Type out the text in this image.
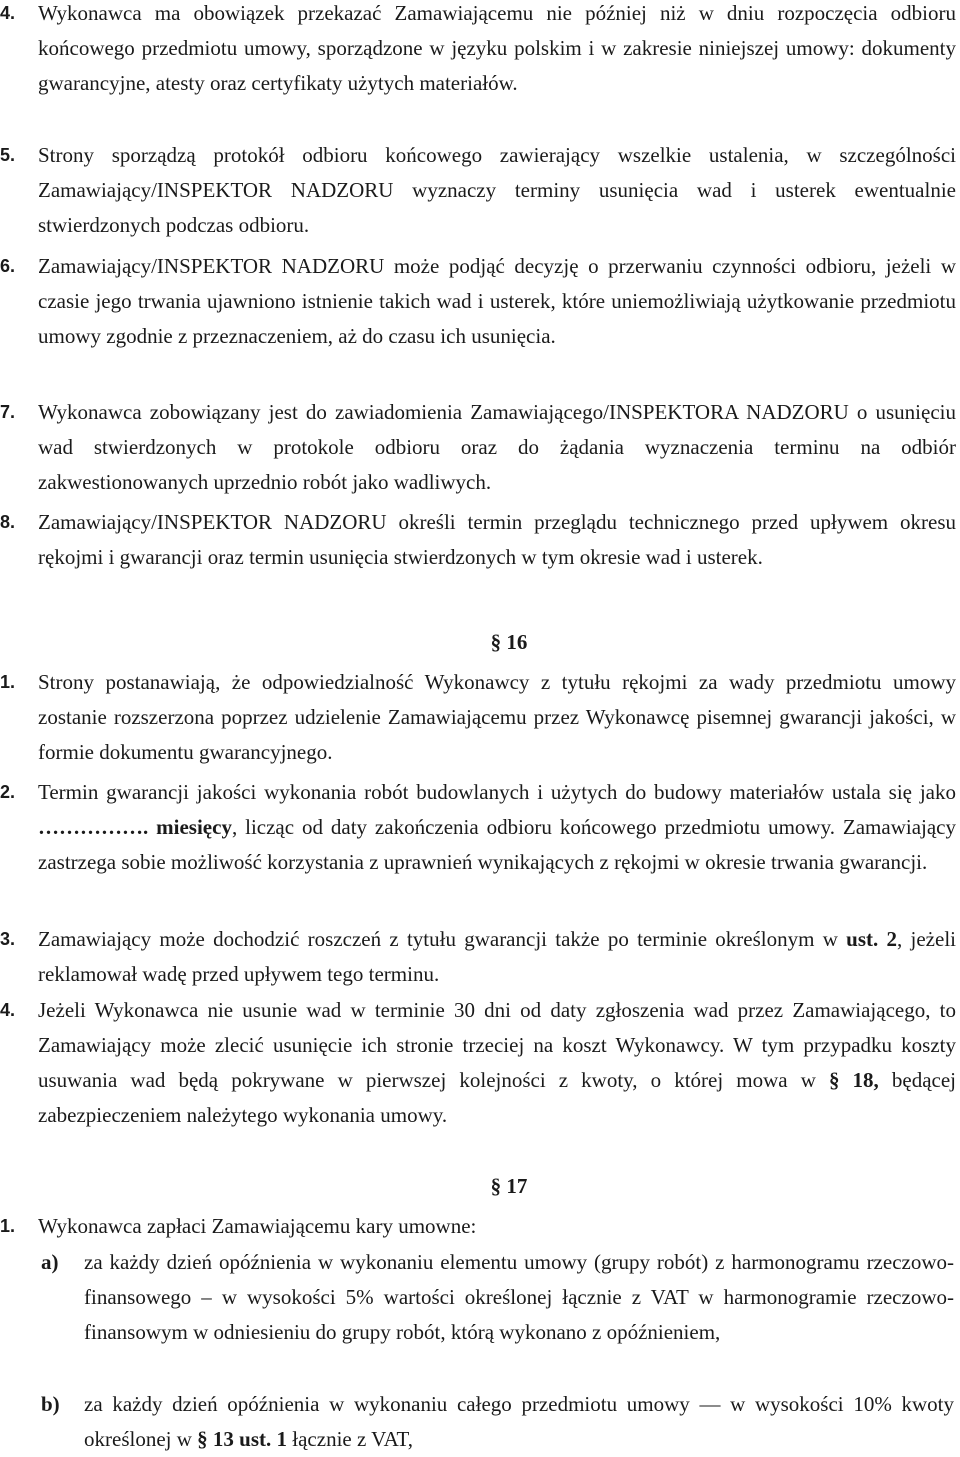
4.	Wykonawca ma obowiązek przekazać Zamawiającemu nie później niż w dniu rozpoczęcia odbioru końcowego przedmiotu umowy, sporządzone w języku polskim i w zakresie niniejszej umowy: dokumenty gwarancyjne, atesty oraz certyfikaty użytych materiałów.
5.	Strony sporządzą protokół odbioru końcowego zawierający wszelkie ustalenia, w szczególności Zamawiający/INSPEKTOR NADZORU wyznaczy terminy usunięcia wad i usterek ewentualnie stwierdzonych podczas odbioru.
6.	Zamawiający/INSPEKTOR NADZORU może podjąć decyzję o przerwaniu czynności odbioru, jeżeli w czasie jego trwania ujawniono istnienie takich wad i usterek, które uniemożliwiają użytkowanie przedmiotu umowy zgodnie z przeznaczeniem, aż do czasu ich usunięcia.
7.	Wykonawca zobowiązany jest do zawiadomienia Zamawiającego/INSPEKTORA NADZORU o usunięciu wad stwierdzonych w protokole odbioru oraz do żądania wyznaczenia terminu na odbiór zakwestionowanych uprzednio robót jako wadliwych.
8.	Zamawiający/INSPEKTOR NADZORU określi termin przeglądu technicznego przed upływem okresu rękojmi i gwarancji oraz termin usunięcia stwierdzonych w tym okresie wad i usterek.
§ 16
1.	Strony postanawiają, że odpowiedzialność Wykonawcy z tytułu rękojmi za wady przedmiotu umowy zostanie rozszerzona poprzez udzielenie Zamawiającemu przez Wykonawcę pisemnej gwarancji jakości, w formie dokumentu gwarancyjnego.
2.	Termin gwarancji jakości wykonania robót budowlanych i użytych do budowy materiałów ustala się jako ……………. miesięcy, licząc od daty zakończenia odbioru końcowego przedmiotu umowy. Zamawiający zastrzega sobie możliwość korzystania z uprawnień wynikających z rękojmi w okresie trwania gwarancji.
3.	Zamawiający może dochodzić roszczeń z tytułu gwarancji także po terminie określonym w ust. 2, jeżeli reklamował wadę przed upływem tego terminu.
4.	Jeżeli Wykonawca nie usunie wad w terminie 30 dni od daty zgłoszenia wad przez Zamawiającego, to Zamawiający może zlecić usunięcie ich stronie trzeciej na koszt Wykonawcy. W tym przypadku koszty usuwania wad będą pokrywane w pierwszej kolejności z kwoty, o której mowa w § 18, będącej zabezpieczeniem należytego wykonania umowy.
§ 17
1.	Wykonawca zapłaci Zamawiającemu kary umowne:
a) za każdy dzień opóźnienia w wykonaniu elementu umowy (grupy robót) z harmonogramu rzeczowo-finansowego – w wysokości 5% wartości określonej łącznie z VAT w harmonogramie rzeczowo-finansowym w odniesieniu do grupy robót, którą wykonano z opóźnieniem,
b) za każdy dzień opóźnienia w wykonaniu całego przedmiotu umowy — w wysokości 10% kwoty określonej w § 13 ust. 1 łącznie z VAT,
